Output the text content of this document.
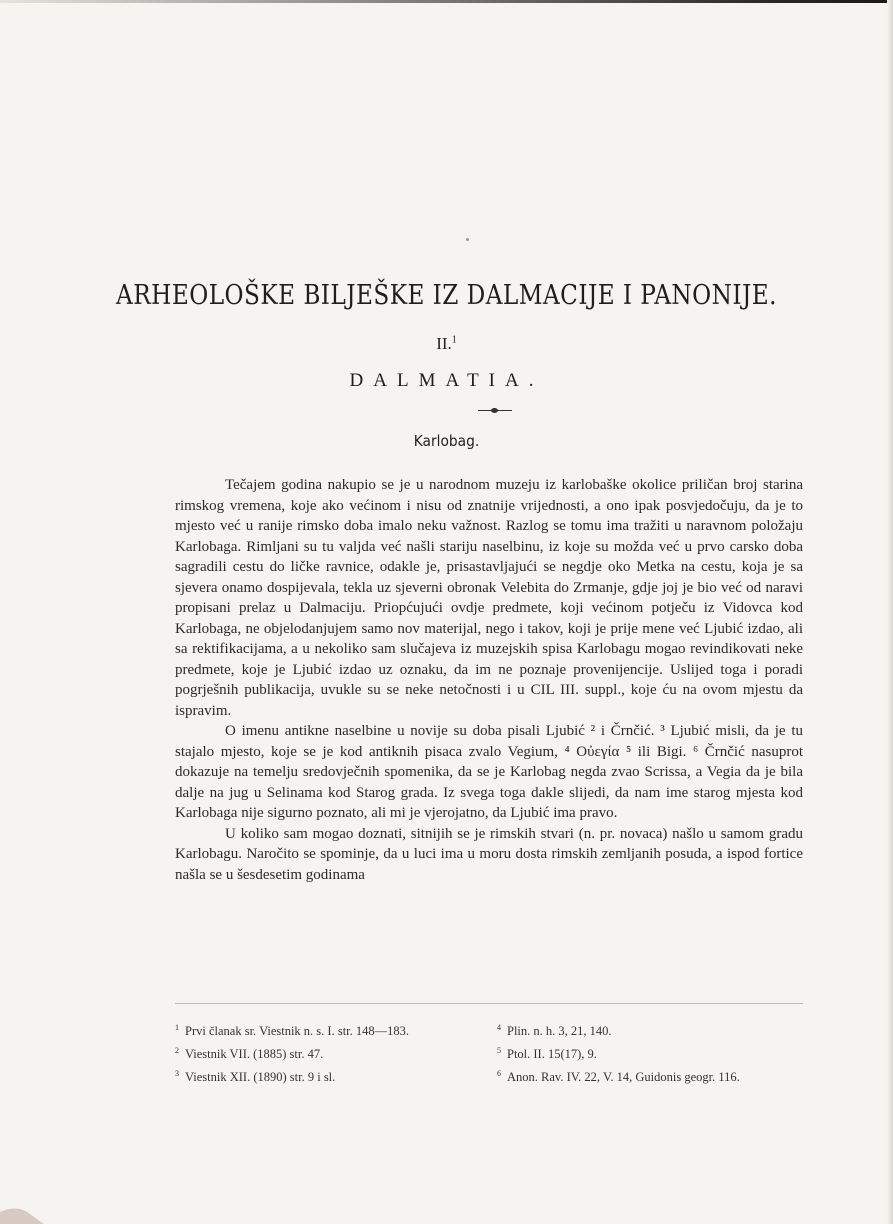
ARHEOLOŠKE BILJEŠKE IZ DALMACIJE I PANONIJE.
II.$^1$
DALMATIA.
Karlobag.

Tečajem godina nakupio se je u narodnom muzeju iz karlobaške okolice priličan broj starina rimskog vremena, koje ako većinom i nisu od znatnije vrijednosti, a ono ipak posvjedočuju, da je to mjesto već u ranije rimsko doba imalo neku važnost. Razlog se tomu ima tražiti u naravnom položaju Karlobaga. Rimljani su tu valjda već našli stariju naselbinu, iz koje su možda već u prvo carsko doba sagradili cestu do ličke ravnice, odakle je, prisastavljajući se negdje oko Metka na cestu, koja je sa sjevera onamo dospijevala, tekla uz sjeverni obronak Velebita do Zrmanje, gdje joj je bio već od naravi propisani prelaz u Dalmaciju. Priopćujući ovdje predmete, koji većinom potječu iz Vidovca kod Karlobaga, ne objelodanjujem samo nov materijal, nego i takov, koji je prije mene već Ljubić izdao, ali sa rektifikacijama, a u nekoliko sam slučajeva iz muzejskih spisa Karlobagu mogao revindikovati neke predmete, koje je Ljubić izdao uz oznaku, da im ne poznaje provenijencije. Uslijed toga i poradi pogrješnih publikacija, uvukle su se neke netočnosti i u CIL III. suppl., koje ću na ovom mjestu da ispravim.

O imenu antikne naselbine u novije su doba pisali Ljubić ² i Črnčić. ³ Ljubić misli, da je tu stajalo mjesto, koje se je kod antiknih pisaca zvalo Vegium, ⁴ Οὐεγία ⁵ ili Bigi. ⁶ Črnčić nasuprot dokazuje na temelju sredovječnih spomenika, da se je Karlobag negda zvao Scrissa, a Vegia da je bila dalje na jug u Selinama kod Starog grada. Iz svega toga dakle slijedi, da nam ime starog mjesta kod Karlobaga nije sigurno poznato, ali mi je vjerojatno, da Ljubić ima pravo.

U koliko sam mogao doznati, sitnijih se je rimskih stvari (n. pr. novaca) našlo u samom gradu Karlobagu. Naročito se spominje, da u luci ima u moru dosta rimskih zemljanih posuda, a ispod fortice našla se u šesdesetim godinama

$^1$ Prvi članak sr. Viestnik n. s. I. str. 148—183.
$^2$ Viestnik VII. (1885) str. 47.
$^3$ Viestnik XII. (1890) str. 9 i sl.
$^4$ Plin. n. h. 3, 21, 140.
$^5$ Ptol. II. 15(17), 9.
$^6$ Anon. Rav. IV. 22, V. 14, Guidonis geogr. 116.
